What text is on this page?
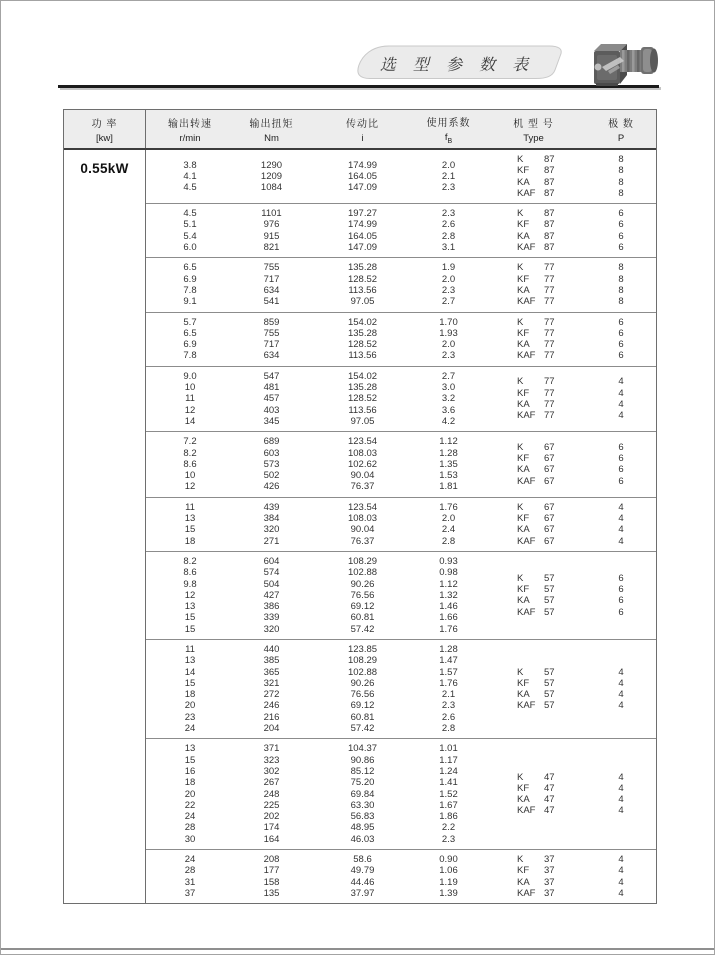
选 型 参 数 表
功 率
[kw]
输出转速
r/min
输出扭矩
Nm
传动比
i
使用系数
$f_B$
机 型 号
Type
极 数
P
0.55kW	3.8
4.1
4.5
1290
1209
1084
174.99
164.05
147.09
2.0
2.1
2.3
K 87
KF 87
KA 87
KAF 87
8
8
8
8
4.5
5.1
5.4
6.0
1101
976
915
821
197.27
174.99
164.05
147.09
2.3
2.6
2.8
3.1
K 87
KF 87
KA 87
KAF 87
6
6
6
6
6.5
6.9
7.8
9.1
755
717
634
541
135.28
128.52
113.56
97.05
1.9
2.0
2.3
2.7
K 77
KF 77
KA 77
KAF 77
8
8
8
8
5.7
6.5
6.9
7.8
859
755
717
634
154.02
135.28
128.52
113.56
1.70
1.93
2.0
2.3
K 77
KF 77
KA 77
KAF 77
6
6
6
6
9.0
10
11
12
14
547
481
457
403
345
154.02
135.28
128.52
113.56
97.05
2.7
3.0
3.2
3.6
4.2
K 77
KF 77
KA 77
KAF 77
4
4
4
4
7.2
8.2
8.6
10
12
689
603
573
502
426
123.54
108.03
102.62
90.04
76.37
1.12
1.28
1.35
1.53
1.81
K 67
KF 67
KA 67
KAF 67
6
6
6
6
11
13
15
18
439
384
320
271
123.54
108.03
90.04
76.37
1.76
2.0
2.4
2.8
K 67
KF 67
KA 67
KAF 67
4
4
4
4
8.2
8.6
9.8
12
13
15
15
604
574
504
427
386
339
320
108.29
102.88
90.26
76.56
69.12
60.81
57.42
0.93
0.98
1.12
1.32
1.46
1.66
1.76
K 57
KF 57
KA 57
KAF 57
6
6
6
6
11
13
14
15
18
20
23
24
440
385
365
321
272
246
216
204
123.85
108.29
102.88
90.26
76.56
69.12
60.81
57.42
1.28
1.47
1.57
1.76
2.1
2.3
2.6
2.8
K 57
KF 57
KA 57
KAF 57
4
4
4
4
13
15
16
18
20
22
24
28
30
371
323
302
267
248
225
202
174
164
104.37
90.86
85.12
75.20
69.84
63.30
56.83
48.95
46.03
1.01
1.17
1.24
1.41
1.52
1.67
1.86
2.2
2.3
K 47
KF 47
KA 47
KAF 47
4
4
4
4
24
28
31
37
208
177
158
135
58.6
49.79
44.46
37.97
0.90
1.06
1.19
1.39
K 37
KF 37
KA 37
KAF 37
4
4
4
4
